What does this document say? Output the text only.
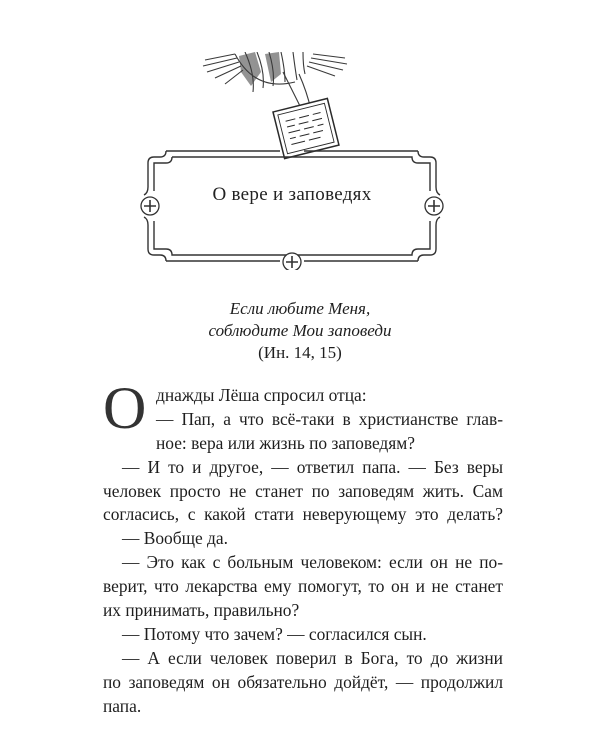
О вере и заповедях
Если любите Меня,
соблюдите Мои заповеди
(Ин. 14, 15)
О днажды Лёша спросил отца:
— Пап, а что всё-таки в христианстве глав-
ное: вера или жизнь по заповедям?
— И то и другое, — ответил папа. — Без веры
человек просто не станет по заповедям жить. Сам
согласись, с какой стати неверующему это делать?
— Вообще да.
— Это как с больным человеком: если он не по-
верит, что лекарства ему помогут, то он и не станет
их принимать, правильно?
— Потому что зачем? — согласился сын.
— А если человек поверил в Бога, то до жизни
по заповедям он обязательно дойдёт, — продолжил
папа.
